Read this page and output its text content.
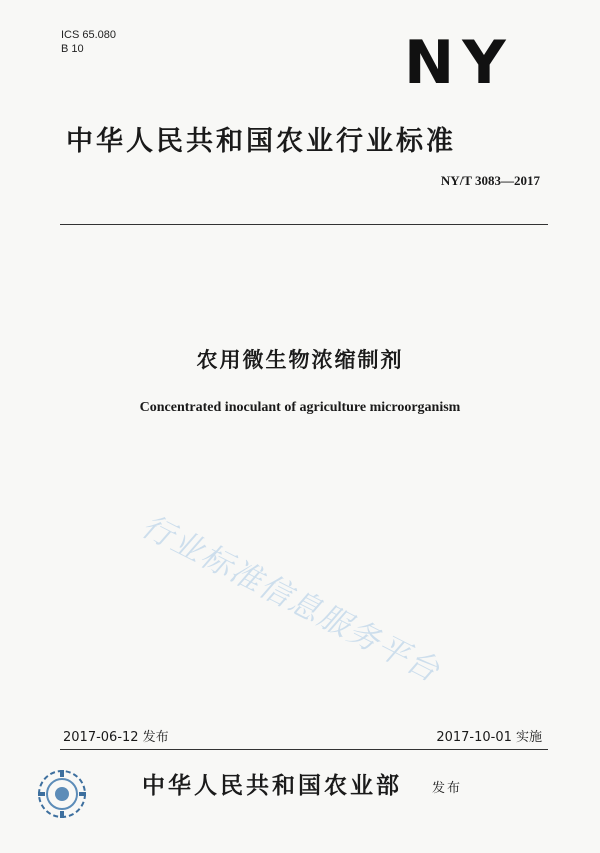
ICS 65.080
B 10	NY
中华人民共和国农业行业标准
NY/T 3083—2017
农用微生物浓缩制剂
Concentrated inoculant of agriculture microorganism
行业标准信息服务平台
2017-06-12 发布	2017-10-01 实施
中华人民共和国农业部 发布
